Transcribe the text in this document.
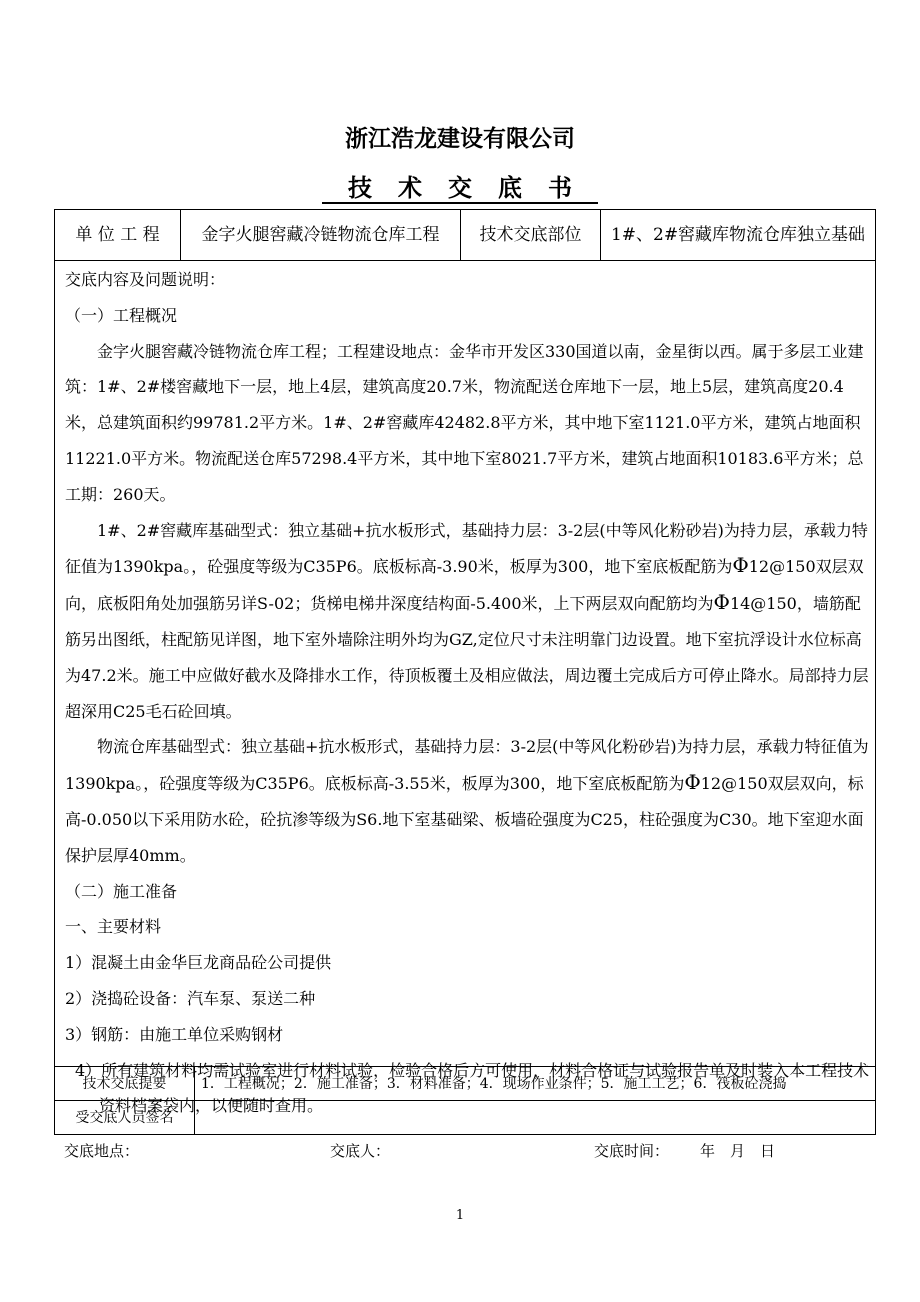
浙江浩龙建设有限公司
技术交底书
单 位 工 程	金字火腿窖藏冷链物流仓库工程	技术交底部位	1#、2#窖藏库物流仓库独立基础

交底内容及问题说明：

（一）工程概况

金字火腿窖藏冷链物流仓库工程；工程建设地点：金华市开发区330国道以南，金星街以西。属于多层工业建筑：1#、2#楼窖藏地下一层，地上4层，建筑高度20.7米，物流配送仓库地下一层，地上5层，建筑高度20.4米，总建筑面积约99781.2平方米。1#、2#窖藏库42482.8平方米，其中地下室1121.0平方米，建筑占地面积11221.0平方米。物流配送仓库57298.4平方米，其中地下室8021.7平方米，建筑占地面积10183.6平方米；总工期：260天。

1#、2#窖藏库基础型式：独立基础+抗水板形式，基础持力层：3-2层(中等风化粉砂岩)为持力层，承载力特征值为1390kpa。，砼强度等级为C35P6。底板标高-3.90米，板厚为300，地下室底板配筋为Φ12@150双层双向，底板阳角处加强筋另详S-02；货梯电梯井深度结构面-5.400米，上下两层双向配筋均为Φ14@150，墙筋配筋另出图纸，柱配筋见详图，地下室外墙除注明外均为GZ,定位尺寸未注明靠门边设置。地下室抗浮设计水位标高为47.2米。施工中应做好截水及降排水工作，待顶板覆土及相应做法，周边覆土完成后方可停止降水。局部持力层超深用C25毛石砼回填。

物流仓库基础型式：独立基础+抗水板形式，基础持力层：3-2层(中等风化粉砂岩)为持力层，承载力特征值为1390kpa。，砼强度等级为C35P6。底板标高-3.55米，板厚为300，地下室底板配筋为Φ12@150双层双向，标高-0.050以下采用防水砼，砼抗渗等级为S6.地下室基础梁、板墙砼强度为C25，柱砼强度为C30。地下室迎水面保护层厚40mm。

（二）施工准备

一、主要材料

1）混凝土由金华巨龙商品砼公司提供

2）浇捣砼设备：汽车泵、泵送二种

3）钢筋：由施工单位采购钢材

4）所有建筑材料均需试验室进行材料试验，检验合格后方可使用，材料合格证与试验报告单及时装入本工程技术资料档案袋内，以便随时查用。

技术交底提要	1．工程概况；2．施工准备；3．材料准备；4．现场作业条件；5．施工工艺；6．筏板砼浇捣
受交底人员签名
交底地点：	交底人：	交底时间： 年　月　日
1
